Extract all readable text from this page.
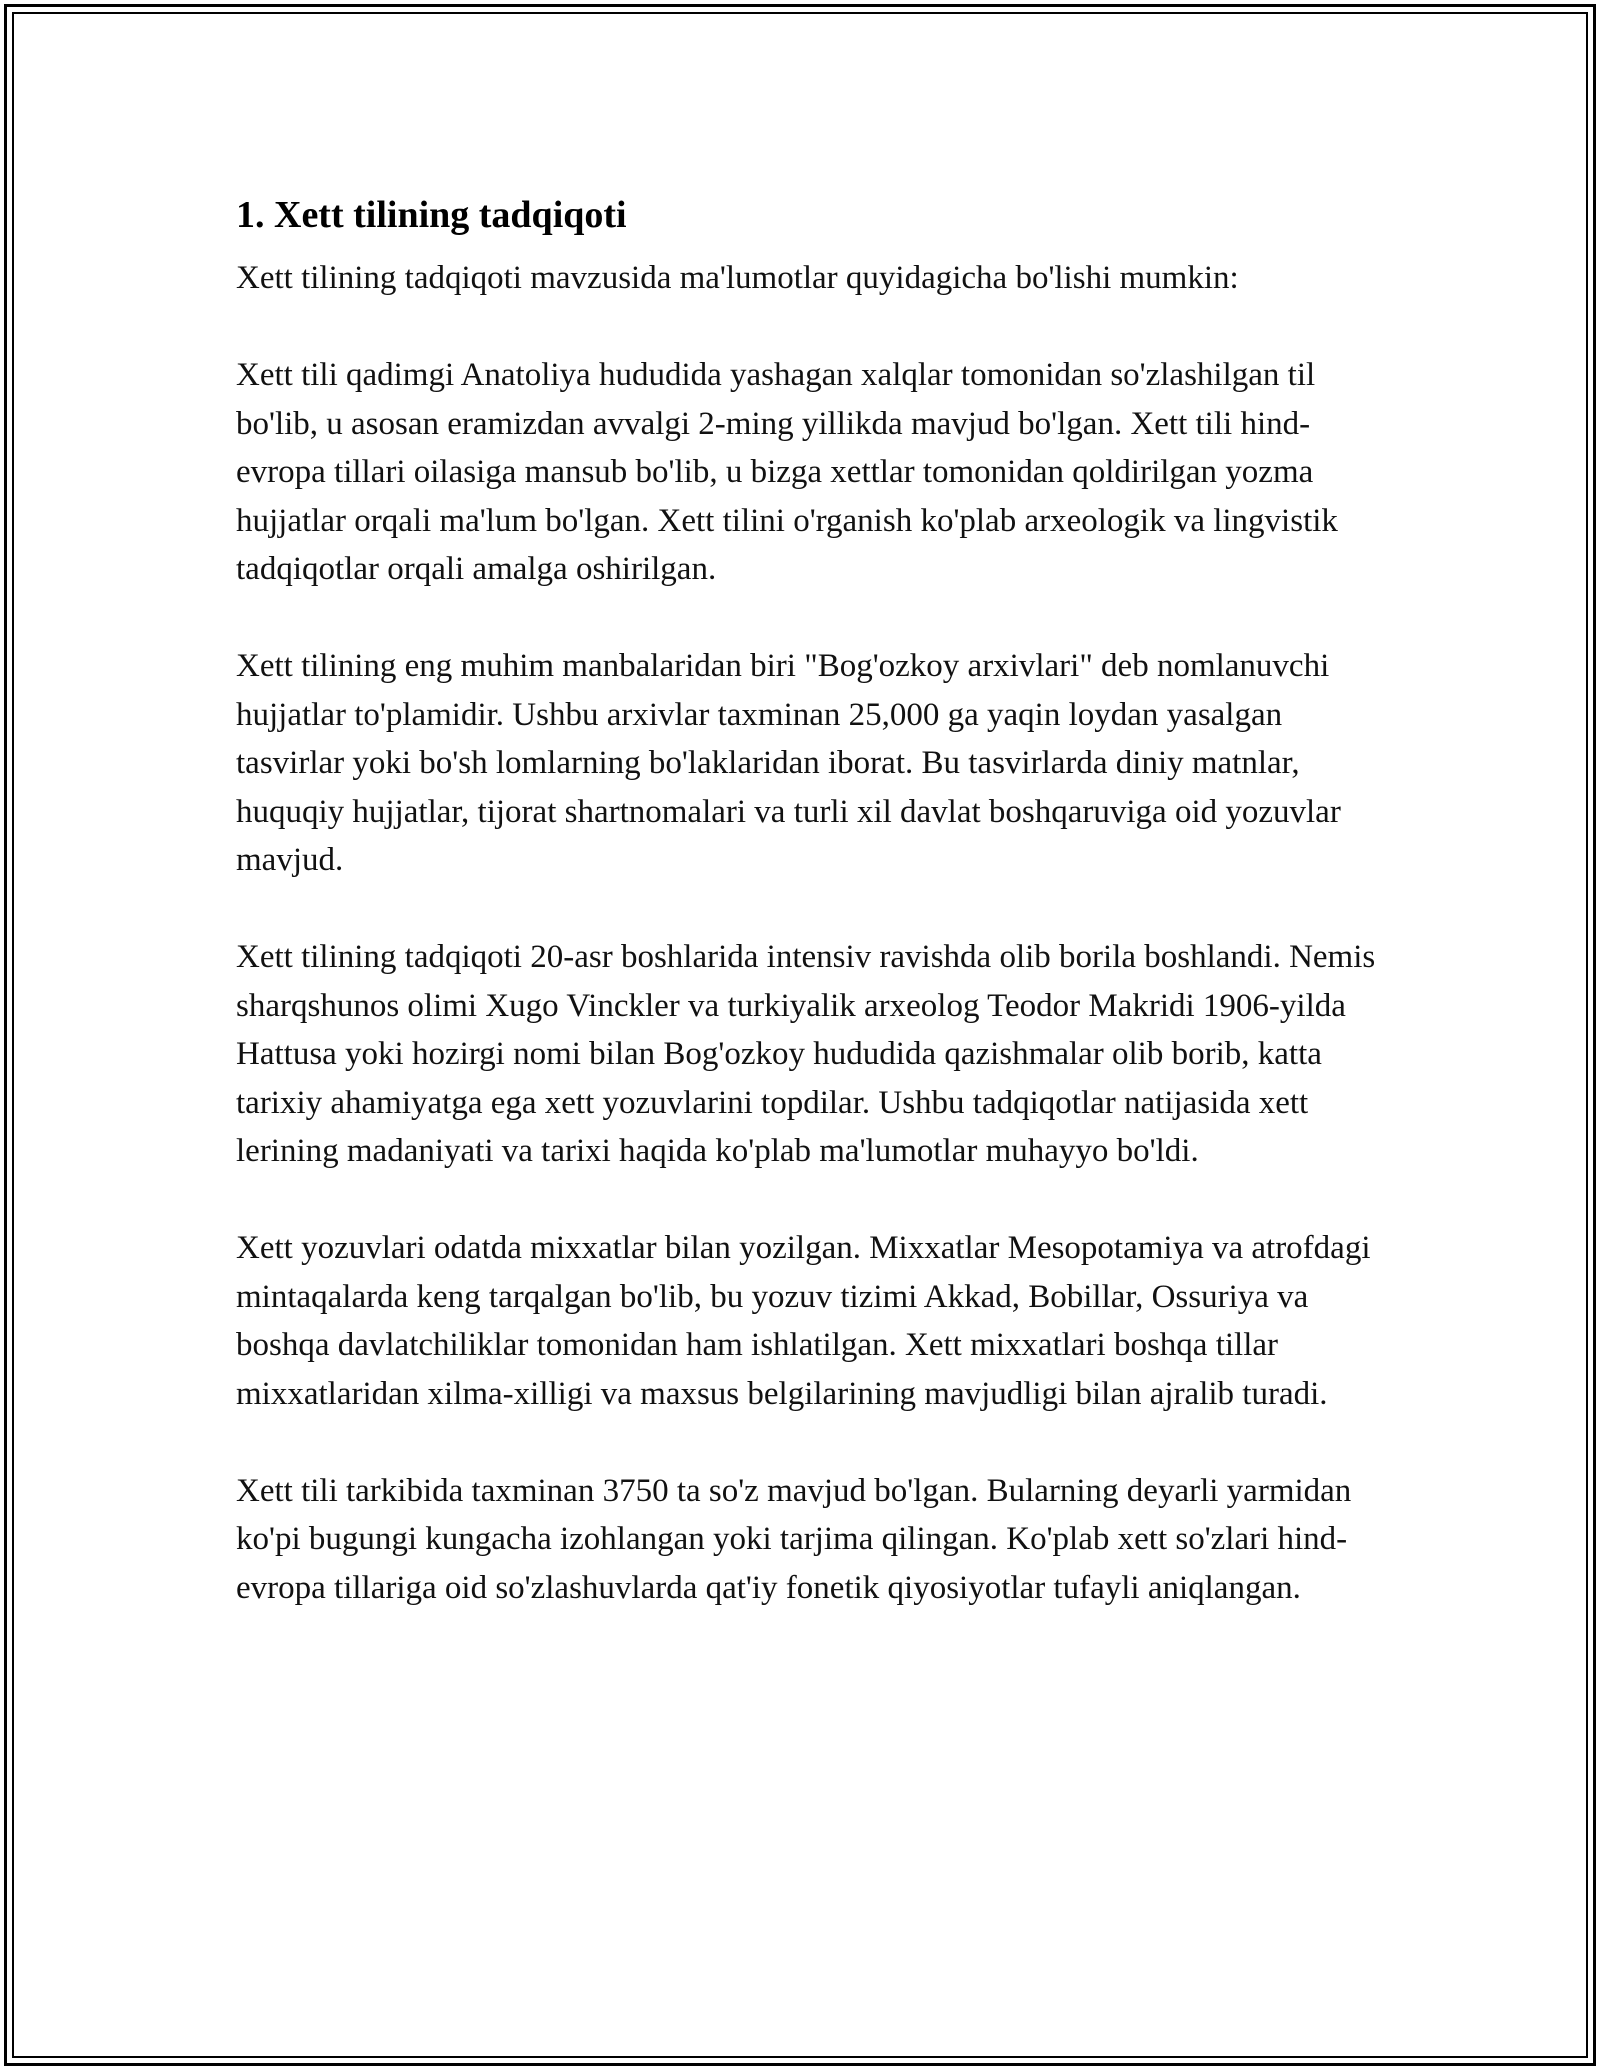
1. Xett tilining tadqiqoti

Xett tilining tadqiqoti mavzusida ma'lumotlar quyidagicha bo'lishi mumkin:

Xett tili qadimgi Anatoliya hududida yashagan xalqlar tomonidan so'zlashilgan til bo'lib, u asosan eramizdan avvalgi 2-ming yillikda mavjud bo'lgan. Xett tili hind-evropa tillari oilasiga mansub bo'lib, u bizga xettlar tomonidan qoldirilgan yozma hujjatlar orqali ma'lum bo'lgan. Xett tilini o'rganish ko'plab arxeologik va lingvistik tadqiqotlar orqali amalga oshirilgan.

Xett tilining eng muhim manbalaridan biri "Bog'ozkoy arxivlari" deb nomlanuvchi hujjatlar to'plamidir. Ushbu arxivlar taxminan 25,000 ga yaqin loydan yasalgan tasvirlar yoki bo'sh lomlarning bo'laklaridan iborat. Bu tasvirlarda diniy matnlar, huquqiy hujjatlar, tijorat shartnomalari va turli xil davlat boshqaruviga oid yozuvlar mavjud.

Xett tilining tadqiqoti 20-asr boshlarida intensiv ravishda olib borila boshlandi. Nemis sharqshunos olimi Xugo Vinckler va turkiyalik arxeolog Teodor Makridi 1906-yilda Hattusa yoki hozirgi nomi bilan Bog'ozkoy hududida qazishmalar olib borib, katta tarixiy ahamiyatga ega xett yozuvlarini topdilar. Ushbu tadqiqotlar natijasida xett lerining madaniyati va tarixi haqida ko'plab ma'lumotlar muhayyo bo'ldi.

Xett yozuvlari odatda mixxatlar bilan yozilgan. Mixxatlar Mesopotamiya va atrofdagi mintaqalarda keng tarqalgan bo'lib, bu yozuv tizimi Akkad, Bobillar, Ossuriya va boshqa davlatchiliklar tomonidan ham ishlatilgan. Xett mixxatlari boshqa tillar mixxatlaridan xilma-xilligi va maxsus belgilarining mavjudligi bilan ajralib turadi.

Xett tili tarkibida taxminan 3750 ta so'z mavjud bo'lgan. Bularning deyarli yarmidan ko'pi bugungi kungacha izohlangan yoki tarjima qilingan. Ko'plab xett so'zlari hind-evropa tillariga oid so'zlashuvlarda qat'iy fonetik qiyosiyotlar tufayli aniqlangan.
